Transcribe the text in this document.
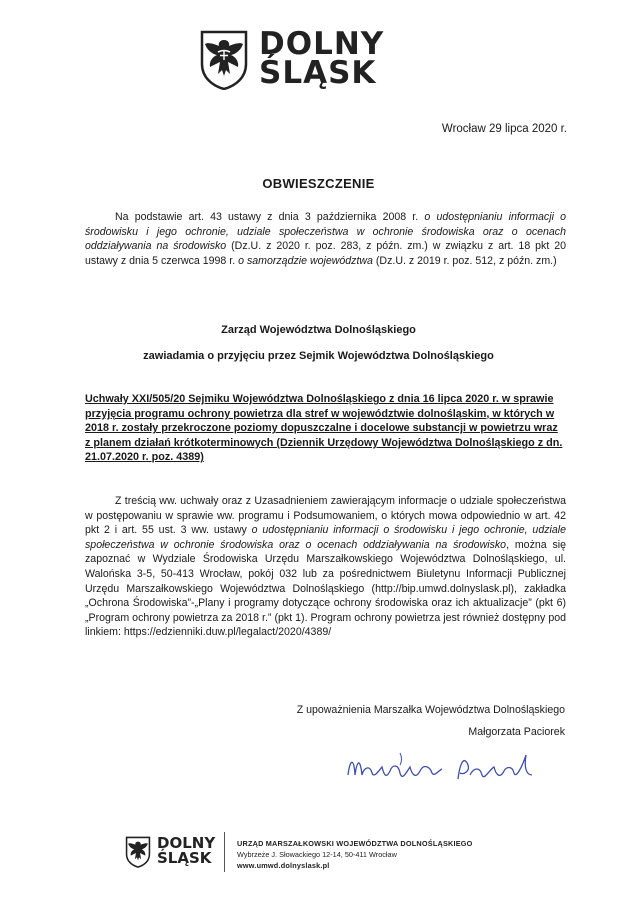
DOLNY
ŚLĄSK
Wrocław 29 lipca 2020 r.
OBWIESZCZENIE
Na podstawie art. 43 ustawy z dnia 3 października 2008 r. o udostępnianiu informacji o środowisku i jego ochronie, udziale społeczeństwa w ochronie środowiska oraz o ocenach oddziaływania na środowisko (Dz.U. z 2020 r. poz. 283, z późn. zm.) w związku z art. 18 pkt 20 ustawy z dnia 5 czerwca 1998 r. o samorządzie województwa (Dz.U. z 2019 r. poz. 512, z późn. zm.)
Zarząd Województwa Dolnośląskiego
zawiadamia o przyjęciu przez Sejmik Województwa Dolnośląskiego
Uchwały XXI/505/20 Sejmiku Województwa Dolnośląskiego z dnia 16 lipca 2020 r. w sprawie przyjęcia programu ochrony powietrza dla stref w województwie dolnośląskim, w których w 2018 r. zostały przekroczone poziomy dopuszczalne i docelowe substancji w powietrzu wraz z planem działań krótkoterminowych (Dziennik Urzędowy Województwa Dolnośląskiego z dn. 21.07.2020 r. poz. 4389)
Z treścią ww. uchwały oraz z Uzasadnieniem zawierającym informacje o udziale społeczeństwa w postępowaniu w sprawie ww. programu i Podsumowaniem, o których mowa odpowiednio w art. 42 pkt 2 i art. 55 ust. 3 ww. ustawy o udostępnianiu informacji o środowisku i jego ochronie, udziale społeczeństwa w ochronie środowiska oraz o ocenach oddziaływania na środowisko, można się zapoznać w Wydziale Środowiska Urzędu Marszałkowskiego Województwa Dolnośląskiego, ul. Walońska 3-5, 50-413 Wrocław, pokój 032 lub za pośrednictwem Biuletynu Informacji Publicznej Urzędu Marszałkowskiego Województwa Dolnośląskiego (http://bip.umwd.dolnyslask.pl), zakładka „Ochrona Środowiska”-„Plany i programy dotyczące ochrony środowiska oraz ich aktualizacje” (pkt 6) „Program ochrony powietrza za 2018 r.” (pkt 1). Program ochrony powietrza jest również dostępny pod linkiem: https://edzienniki.duw.pl/legalact/2020/4389/
Z upoważnienia Marszałka Województwa Dolnośląskiego
Małgorzata Paciorek
DOLNY
ŚLĄSK
URZĄD MARSZAŁKOWSKI WOJEWÓDZTWA DOLNOŚLĄSKIEGO
Wybrzeże J. Słowackiego 12-14, 50-411 Wrocław
www.umwd.dolnyslask.pl
